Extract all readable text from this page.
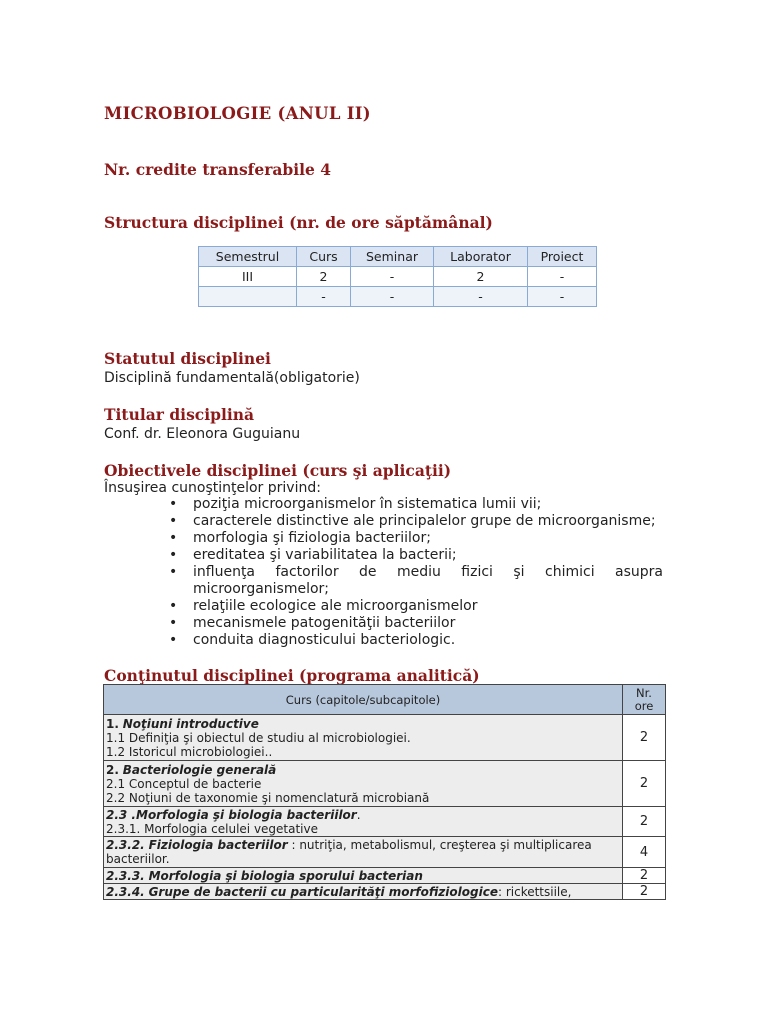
MICROBIOLOGIE (ANUL II)
Nr. credite transferabile 4
Structura disciplinei (nr. de ore săptămânal)
Semestrul	Curs	Seminar	Laborator	Proiect
III	2	-	2	-
	-	-	-	-
Statutul disciplinei
Disciplină fundamentală(obligatorie)
Titular disciplină
Conf. dr. Eleonora Guguianu
Obiectivele disciplinei (curs şi aplicaţii)
Însuşirea cunoştinţelor privind:
• poziţia microorganismelor în sistematica lumii vii;
• caracterele distinctive ale principalelor grupe de microorganisme;
• morfologia şi fiziologia bacteriilor;
• ereditatea şi variabilitatea la bacterii;
• influenţa factorilor de mediu fizici şi chimici asupra microorganismelor;
• relaţiile ecologice ale microorganismelor
• mecanismele patogenităţii bacteriilor
• conduita diagnosticului bacteriologic.
Conţinutul disciplinei (programa analitică)
Curs (capitole/subcapitole)	Nr. ore

1. Noţiuni introductive
1.1 Definiţia şi obiectul de studiu al microbiologiei.
1.2 Istoricul microbiologiei..	2

2. Bacteriologie generală
2.1 Conceptul de bacterie
2.2 Noţiuni de taxonomie şi nomenclatură microbiană	2

2.3 .Morfologia şi biologia bacteriilor.
2.3.1. Morfologia celulei vegetative	2

2.3.2. Fiziologia bacteriilor : nutriţia, metabolismul, creşterea şi multiplicarea bacteriilor.	4

2.3.3. Morfologia şi biologia sporului bacterian	2

2.3.4. Grupe de bacterii cu particularităţi morfofiziologice: rickettsiile,	2
